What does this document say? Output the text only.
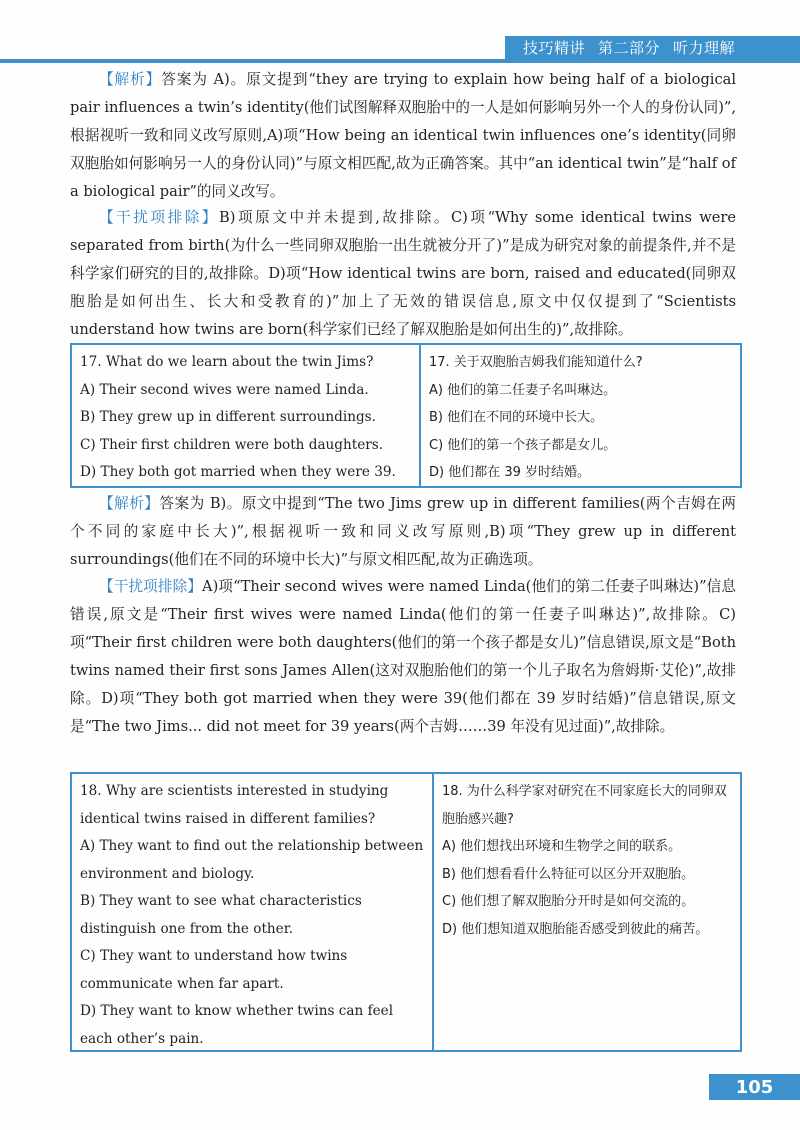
技巧精讲 第二部分 听力理解
【解析】答案为 A)。原文提到“they are trying to explain how being half of a biological pair influences a twin’s identity(他们试图解释双胞胎中的一人是如何影响另外一个人的身份认同)”,根据视听一致和同义改写原则,A)项“How being an identical twin influences one’s identity(同卵双胞胎如何影响另一人的身份认同)”与原文相匹配,故为正确答案。其中“an identical twin”是“half of a biological pair”的同义改写。
【干扰项排除】B)项原文中并未提到,故排除。C)项“Why some identical twins were separated from birth(为什么一些同卵双胞胎一出生就被分开了)”是成为研究对象的前提条件,并不是科学家们研究的目的,故排除。D)项“How identical twins are born, raised and educated(同卵双胞胎是如何出生、长大和受教育的)”加上了无效的错误信息,原文中仅仅提到了“Scientists understand how twins are born(科学家们已经了解双胞胎是如何出生的)”,故排除。
17. What do we learn about the twin Jims?
A) Their second wives were named Linda.
B) They grew up in different surroundings.
C) Their first children were both daughters.
D) They both got married when they were 39.
17. 关于双胞胎吉姆我们能知道什么?
A) 他们的第二任妻子名叫琳达。
B) 他们在不同的环境中长大。
C) 他们的第一个孩子都是女儿。
D) 他们都在 39 岁时结婚。
【解析】答案为 B)。原文中提到“The two Jims grew up in different families(两个吉姆在两个不同的家庭中长大)”,根据视听一致和同义改写原则,B)项“They grew up in different surroundings(他们在不同的环境中长大)”与原文相匹配,故为正确选项。
【干扰项排除】A)项“Their second wives were named Linda(他们的第二任妻子叫琳达)”信息错误,原文是“Their first wives were named Linda(他们的第一任妻子叫琳达)”,故排除。C)项“Their first children were both daughters(他们的第一个孩子都是女儿)”信息错误,原文是“Both twins named their first sons James Allen(这对双胞胎他们的第一个儿子取名为詹姆斯·艾伦)”,故排除。D)项“They both got married when they were 39(他们都在 39 岁时结婚)”信息错误,原文是“The two Jims... did not meet for 39 years(两个吉姆……39 年没有见过面)”,故排除。
18. Why are scientists interested in studying identical twins raised in different families?
A) They want to find out the relationship between environment and biology.
B) They want to see what characteristics distinguish one from the other.
C) They want to understand how twins communicate when far apart.
D) They want to know whether twins can feel each other’s pain.
18. 为什么科学家对研究在不同家庭长大的同卵双胞胎感兴趣?
A) 他们想找出环境和生物学之间的联系。
B) 他们想看看什么特征可以区分开双胞胎。
C) 他们想了解双胞胎分开时是如何交流的。
D) 他们想知道双胞胎能否感受到彼此的痛苦。
105
